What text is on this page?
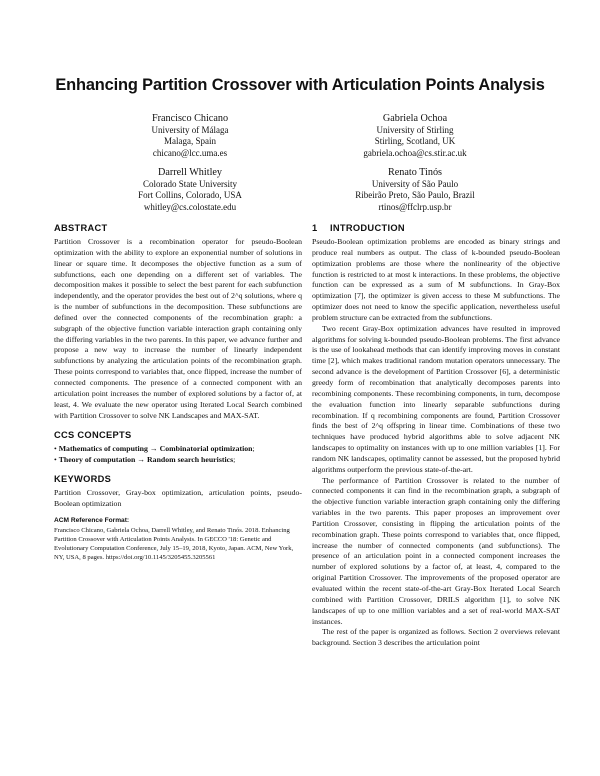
Enhancing Partition Crossover with Articulation Points Analysis
Francisco Chicano
University of Málaga
Malaga, Spain
chicano@lcc.uma.es
Gabriela Ochoa
University of Stirling
Stirling, Scotland, UK
gabriela.ochoa@cs.stir.ac.uk
Darrell Whitley
Colorado State University
Fort Collins, Colorado, USA
whitley@cs.colostate.edu
Renato Tinós
University of São Paulo
Ribeirão Preto, São Paulo, Brazil
rtinos@ffclrp.usp.br
ABSTRACT

Partition Crossover is a recombination operator for pseudo-Boolean optimization with the ability to explore an exponential number of solutions in linear or square time. It decomposes the objective function as a sum of subfunctions, each one depending on a different set of variables. The decomposition makes it possible to select the best parent for each subfunction independently, and the operator provides the best out of 2^q solutions, where q is the number of subfunctions in the decomposition. These subfunctions are defined over the connected components of the recombination graph: a subgraph of the objective function variable interaction graph containing only the differing variables in the two parents. In this paper, we advance further and propose a new way to increase the number of linearly independent subfunctions by analyzing the articulation points of the recombination graph. These points correspond to variables that, once flipped, increase the number of connected components. The presence of a connected component with an articulation point increases the number of explored solutions by a factor of, at least, 4. We evaluate the new operator using Iterated Local Search combined with Partition Crossover to solve NK Landscapes and MAX-SAT.

CCS CONCEPTS
• Mathematics of computing → Combinatorial optimization;
• Theory of computation → Random search heuristics;
KEYWORDS

Partition Crossover, Gray-box optimization, articulation points, pseudo-Boolean optimization

ACM Reference Format:

Francisco Chicano, Gabriela Ochoa, Darrell Whitley, and Renato Tinós. 2018. Enhancing Partition Crossover with Articulation Points Analysis. In GECCO '18: Genetic and Evolutionary Computation Conference, July 15–19, 2018, Kyoto, Japan. ACM, New York, NY, USA, 8 pages. https://doi.org/10.1145/3205455.3205561

1 INTRODUCTION

Pseudo-Boolean optimization problems are encoded as binary strings and produce real numbers as output. The class of k-bounded pseudo-Boolean optimization problems are those where the nonlinearity of the objective function is restricted to at most k interactions. In these problems, the objective function can be expressed as a sum of M subfunctions. In Gray-Box optimization [7], the optimizer is given access to these M subfunctions. The optimizer does not need to know the specific application, nevertheless useful problem structure can be extracted from the subfunctions.

Two recent Gray-Box optimization advances have resulted in improved algorithms for solving k-bounded pseudo-Boolean problems. The first advance is the use of lookahead methods that can identify improving moves in constant time [2], which makes traditional random mutation operators unnecessary. The second advance is the development of Partition Crossover [6], a deterministic greedy form of recombination that analytically decomposes parents into recombining components. These recombining components, in turn, decompose the evaluation function into linearly separable subfunctions during recombination. If q recombining components are found, Partition Crossover finds the best of 2^q offspring in linear time. Combinations of these two techniques have produced hybrid algorithms able to solve adjacent NK landscapes to optimality on instances with up to one million variables [1]. For random NK landscapes, optimality cannot be assessed, but the proposed hybrid algorithms outperform the previous state-of-the-art.

The performance of Partition Crossover is related to the number of connected components it can find in the recombination graph, a subgraph of the objective function variable interaction graph containing only the differing variables in the two parents. This paper proposes an improvement over Partition Crossover, consisting in flipping the articulation points of the recombination graph. These points correspond to variables that, once flipped, increase the number of connected components (and subfunctions). The presence of an articulation point in a connected component increases the number of explored solutions by a factor of, at least, 4, compared to the original Partition Crossover. The improvements of the proposed operator are evaluated within the recent state-of-the-art Gray-Box Iterated Local Search combined with Partition Crossover, DRILS algorithm [1], to solve NK landscapes of up to one million variables and a set of real-world MAX-SAT instances.

The rest of the paper is organized as follows. Section 2 overviews relevant background. Section 3 describes the articulation point
